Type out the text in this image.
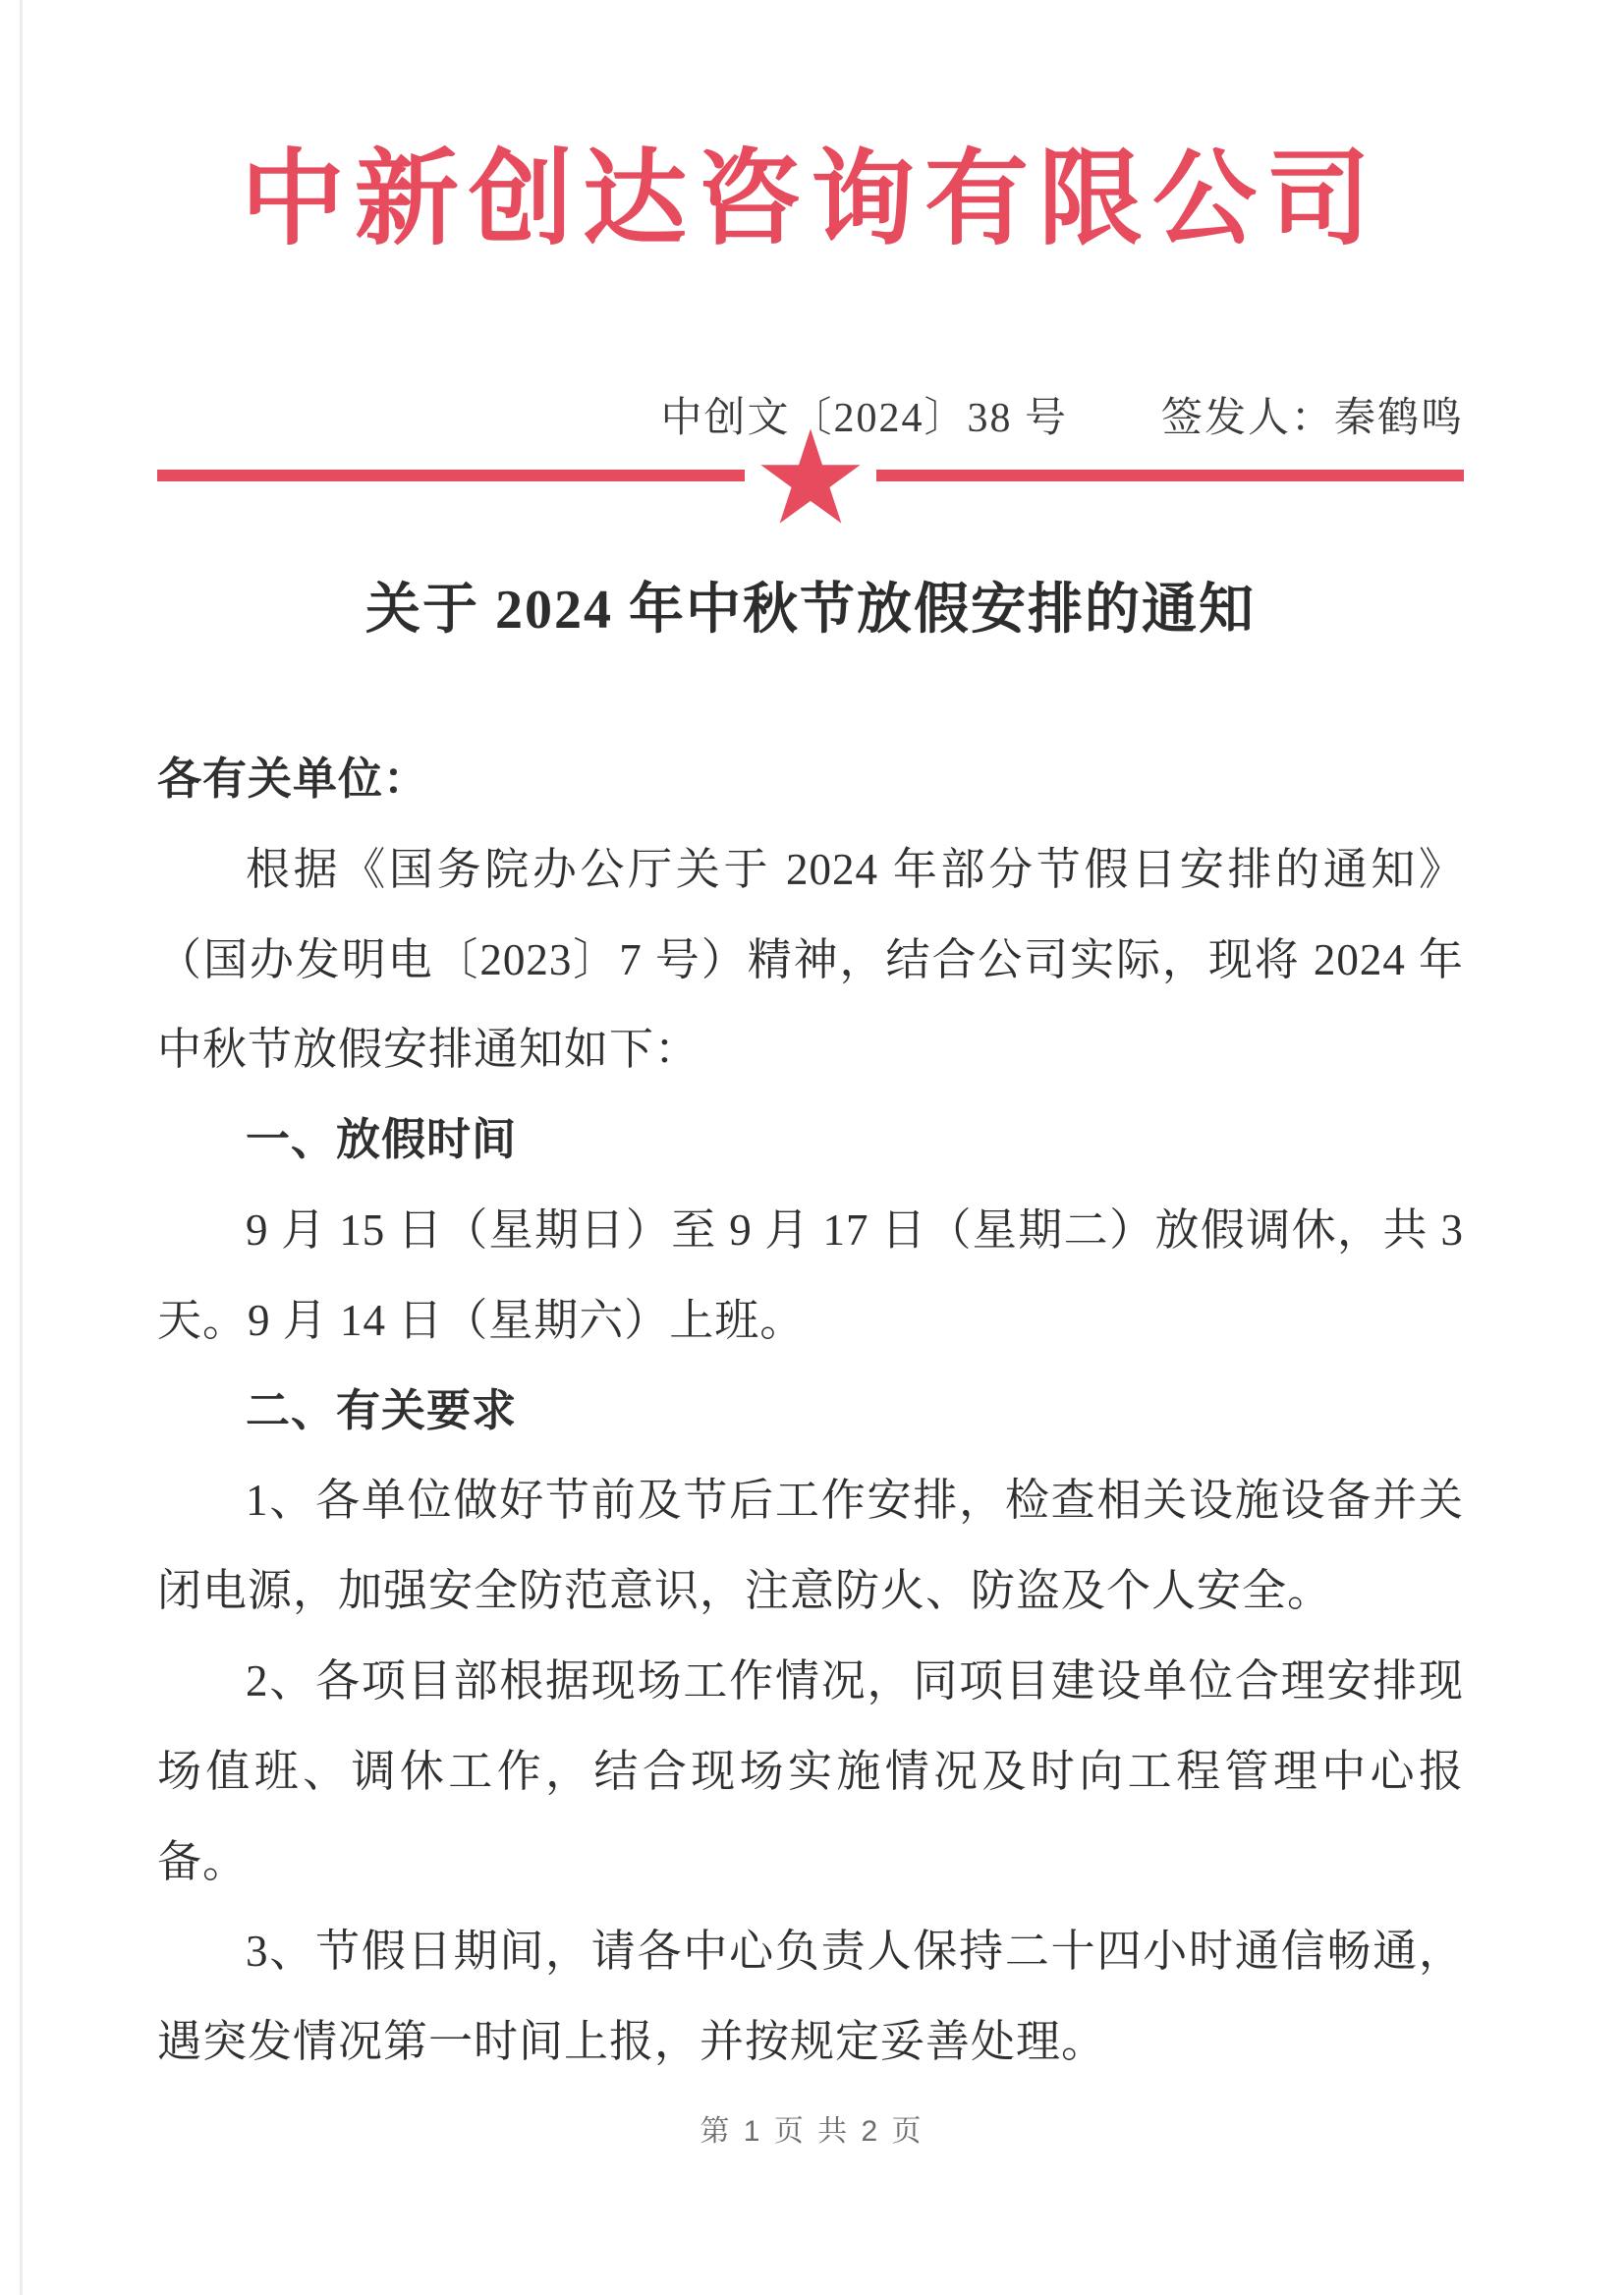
中新创达咨询有限公司
中创文〔2024〕38 号 签发人：秦鹤鸣
★
关于 2024 年中秋节放假安排的通知

各有关单位：

根据《国务院办公厅关于 2024 年部分节假日安排的通知》（国办发明电〔2023〕7 号）精神，结合公司实际，现将 2024 年中秋节放假安排通知如下：

一、放假时间

9 月 15 日（星期日）至 9 月 17 日（星期二）放假调休，共 3 天。9 月 14 日（星期六）上班。

二、有关要求

1、各单位做好节前及节后工作安排，检查相关设施设备并关闭电源，加强安全防范意识，注意防火、防盗及个人安全。

2、各项目部根据现场工作情况，同项目建设单位合理安排现场值班、调休工作，结合现场实施情况及时向工程管理中心报备。

3、节假日期间，请各中心负责人保持二十四小时通信畅通，遇突发情况第一时间上报，并按规定妥善处理。

第 1 页 共 2 页
